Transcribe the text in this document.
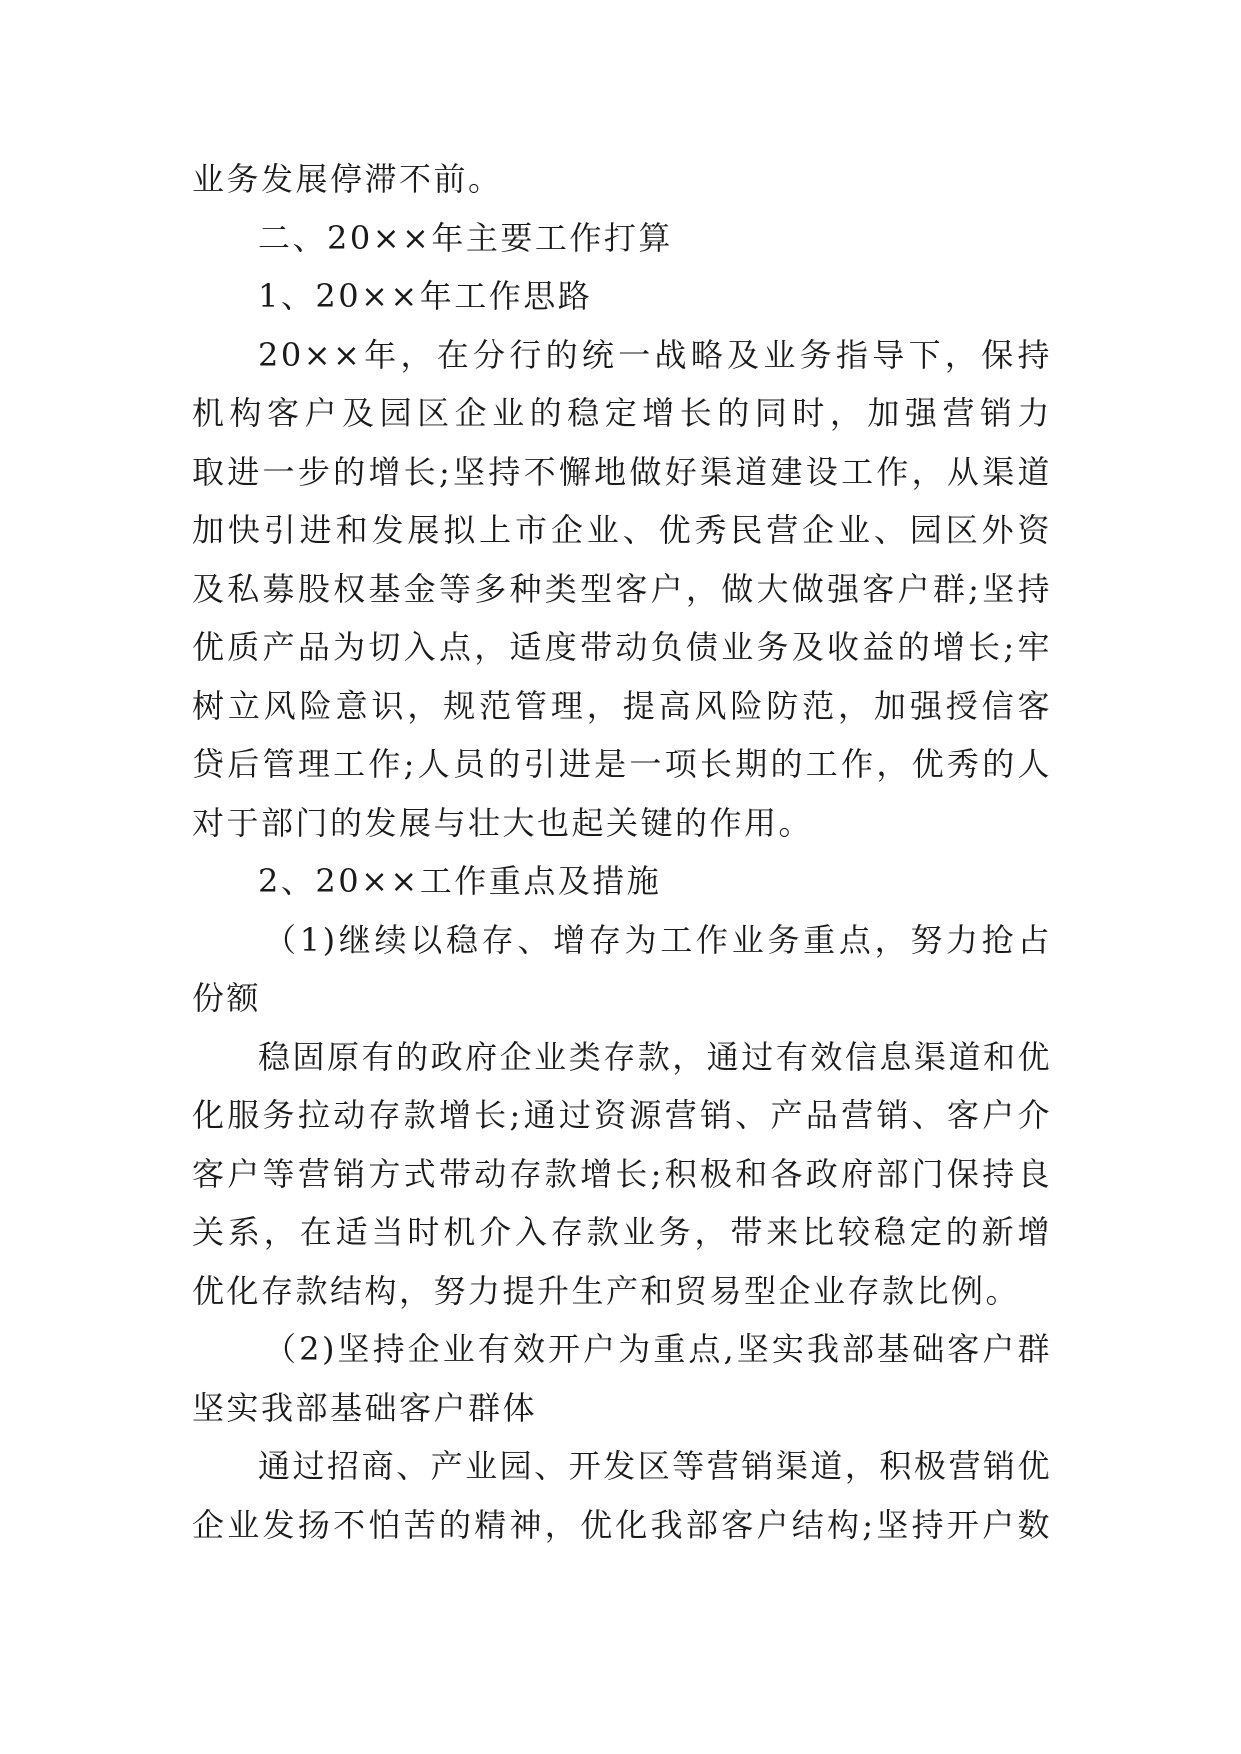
业务发展停滞不前。
二、20××年主要工作打算
1、20××年工作思路
20××年，在分行的统一战略及业务指导下，保持
机构客户及园区企业的稳定增长的同时，加强营销力
取进一步的增长;坚持不懈地做好渠道建设工作，从渠道
加快引进和发展拟上市企业、优秀民营企业、园区外资
及私募股权基金等多种类型客户，做大做强客户群;坚持
优质产品为切入点，适度带动负债业务及收益的增长;牢
树立风险意识，规范管理，提高风险防范，加强授信客
贷后管理工作;人员的引进是一项长期的工作，优秀的人
对于部门的发展与壮大也起关键的作用。
2、20××工作重点及措施
（1)继续以稳存、增存为工作业务重点，努力抢占
份额
稳固原有的政府企业类存款，通过有效信息渠道和优
化服务拉动存款增长;通过资源营销、产品营销、客户介
客户等营销方式带动存款增长;积极和各政府部门保持良
关系，在适当时机介入存款业务，带来比较稳定的新增
优化存款结构，努力提升生产和贸易型企业存款比例。
（2)坚持企业有效开户为重点,坚实我部基础客户群
坚实我部基础客户群体
通过招商、产业园、开发区等营销渠道，积极营销优
企业发扬不怕苦的精神，优化我部客户结构;坚持开户数
